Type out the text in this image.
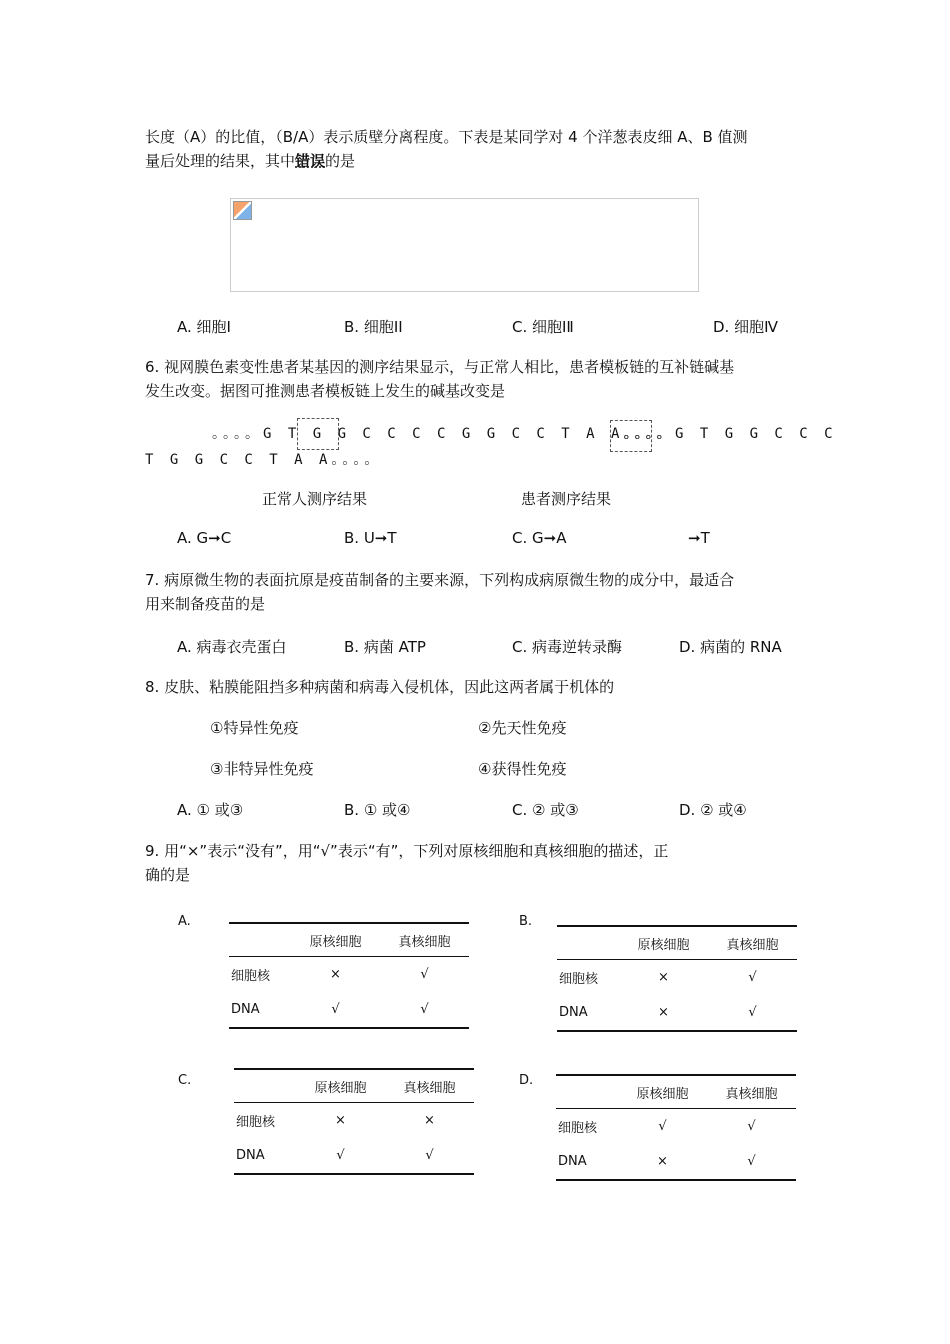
长度（A）的比值，（B/A）表示质壁分离程度。下表是某同学对 4 个洋葱表皮细 A、B 值测
量后处理的结果，其中错误的是
A. 细胞Ⅰ	B. 细胞ⅠⅠ	C. 细胞ⅠⅡ	D. 细胞Ⅳ
6. 视网膜色素变性患者某基因的测序结果显示，与正常人相比，患者模板链的互补链碱基
发生改变。据图可推测患者模板链上发生的碱基改变是
。。。。G T G G C C C C G G C C T A A。。。。
。。。。G T G G C C C
T G G C C T A A。。。。
正常人测序结果	患者测序结果
A. G➞C	B. U➞T	C. G➞A	➞T
7. 病原微生物的表面抗原是疫苗制备的主要来源，下列构成病原微生物的成分中，最适合
用来制备疫苗的是
A. 病毒衣壳蛋白	B. 病菌 ATP	C. 病毒逆转录酶	D. 病菌的 RNA
8. 皮肤、粘膜能阻挡多种病菌和病毒入侵机体，因此这两者属于机体的
①特异性免疫	②先天性免疫
③非特异性免疫	④获得性免疫
A. ① 或③	B. ① 或④	C. ② 或③	D. ② 或④
9. 用“×”表示“没有”，用“√”表示“有”，下列对原核细胞和真核细胞的描述，正
确的是
A.
	原核细胞	真核细胞
细胞核	×	√
DNA	√	√
B.
	原核细胞	真核细胞
细胞核	×	√
DNA	×	√
C.
		原核细胞	真核细胞
细胞核	×	×
DNA	√	√
D.
	原核细胞	真核细胞
细胞核	√	√
DNA	×	√
